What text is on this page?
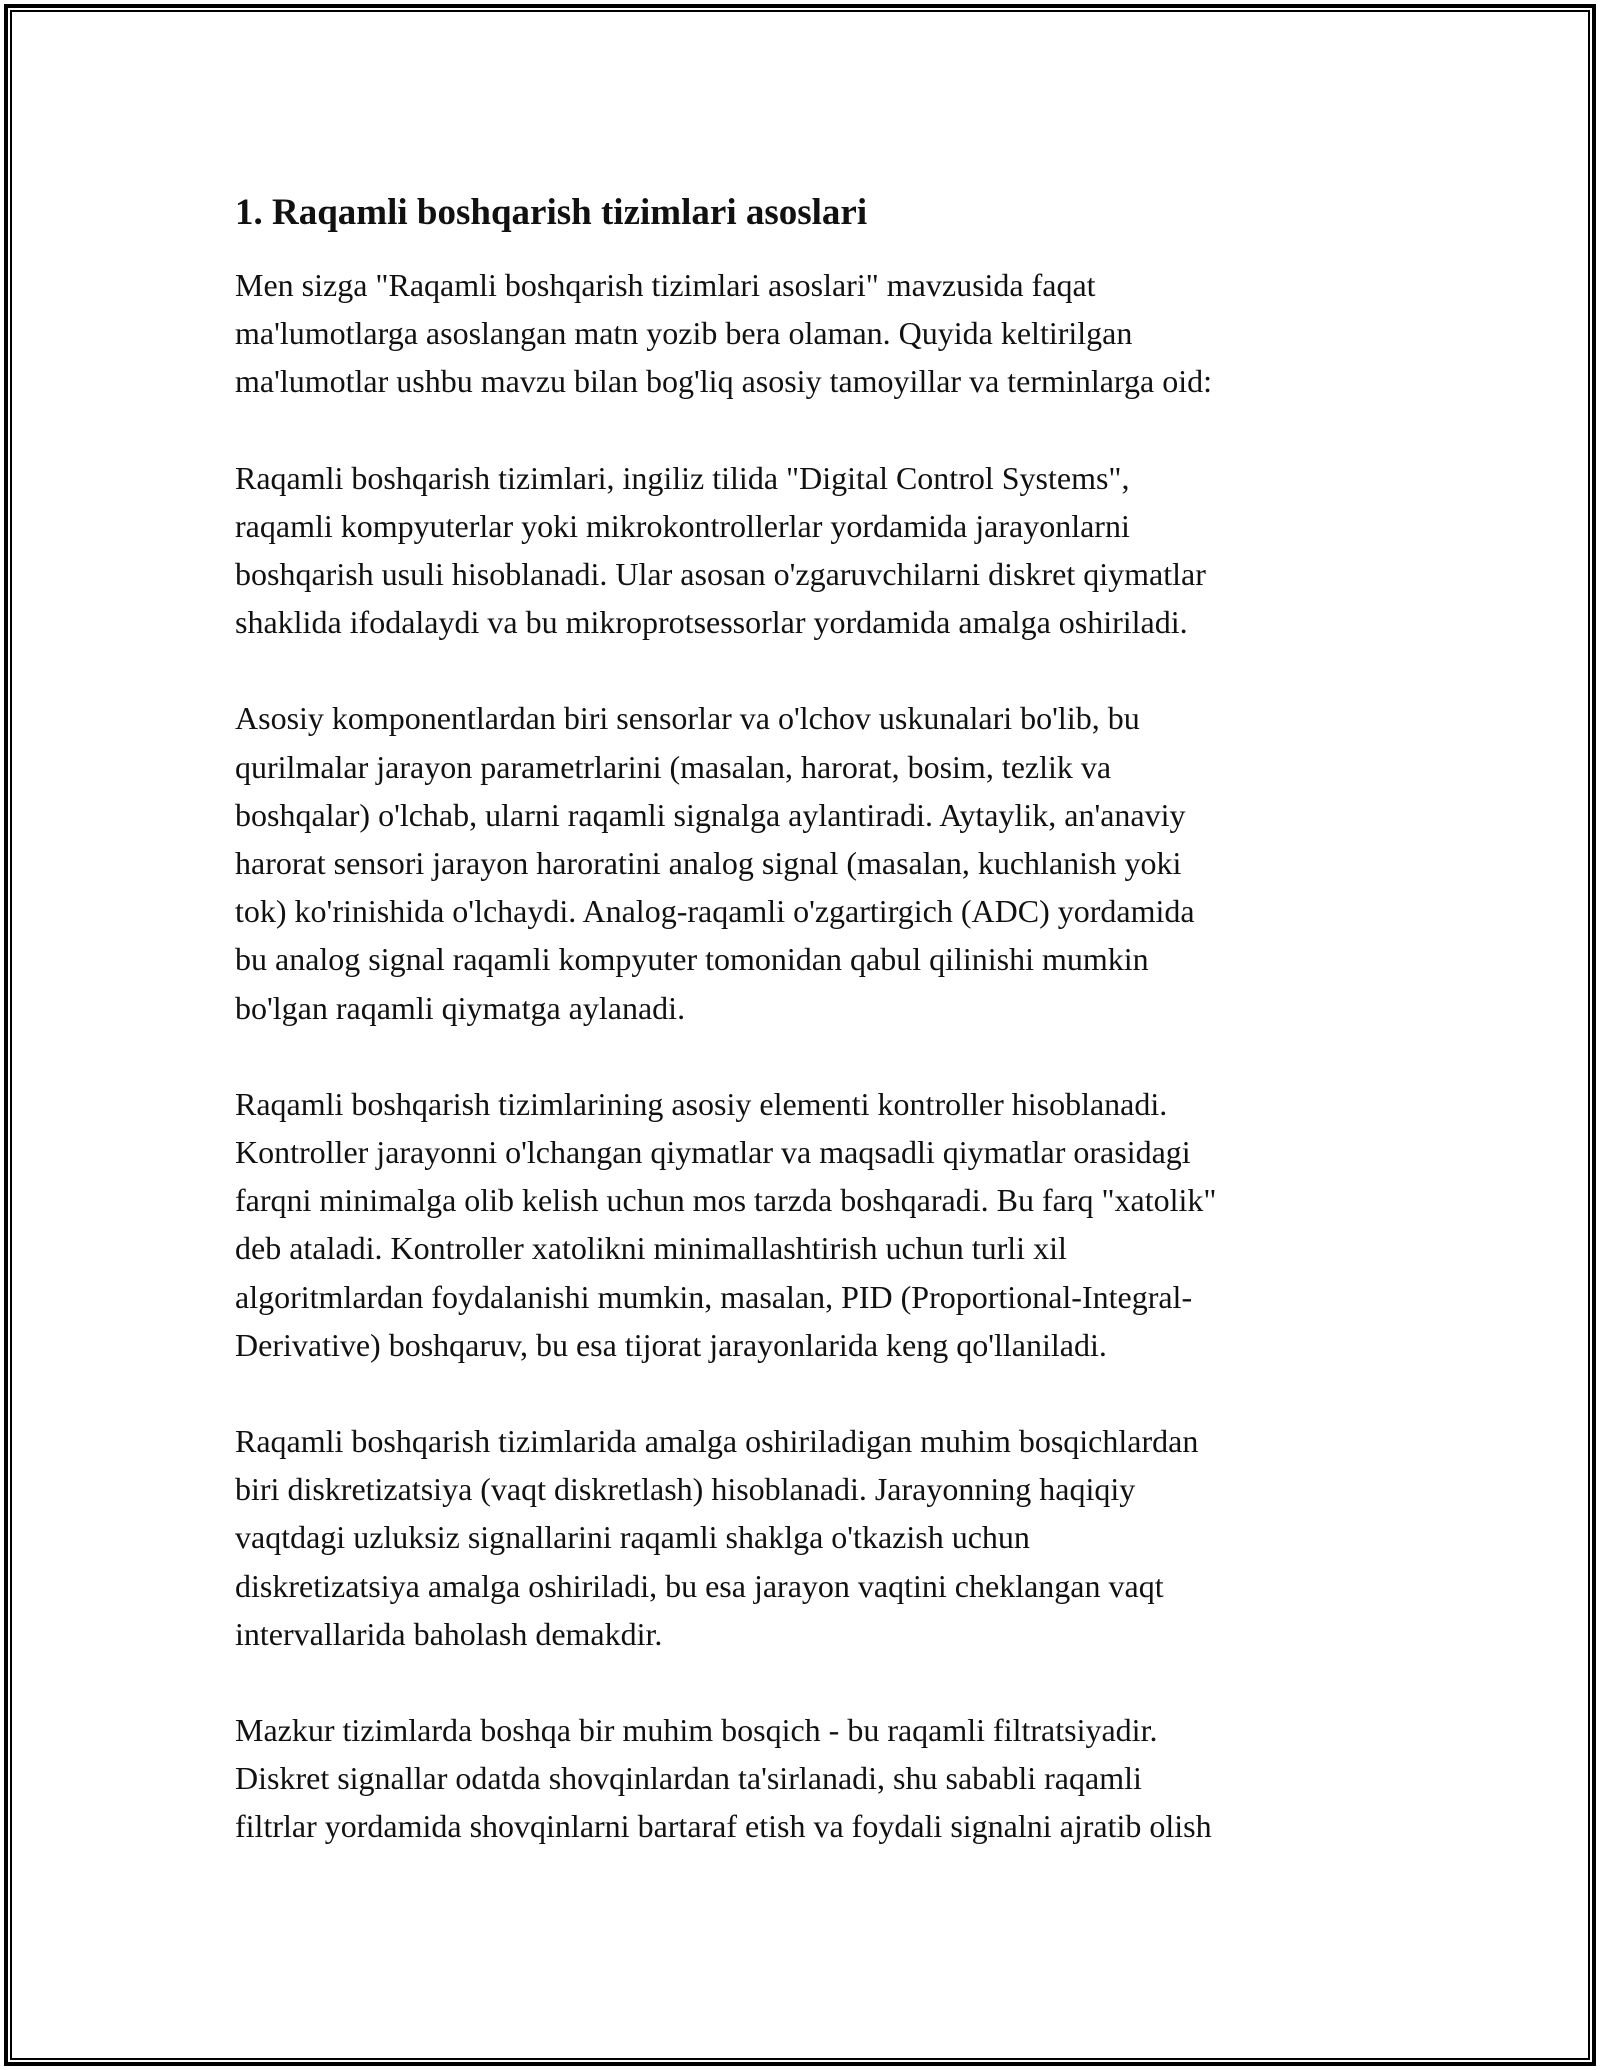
1. Raqamli boshqarish tizimlari asoslari

Men sizga "Raqamli boshqarish tizimlari asoslari" mavzusida faqat
ma'lumotlarga asoslangan matn yozib bera olaman. Quyida keltirilgan
ma'lumotlar ushbu mavzu bilan bog'liq asosiy tamoyillar va terminlarga oid:

Raqamli boshqarish tizimlari, ingiliz tilida "Digital Control Systems",
raqamli kompyuterlar yoki mikrokontrollerlar yordamida jarayonlarni
boshqarish usuli hisoblanadi. Ular asosan o'zgaruvchilarni diskret qiymatlar
shaklida ifodalaydi va bu mikroprotsessorlar yordamida amalga oshiriladi.

Asosiy komponentlardan biri sensorlar va o'lchov uskunalari bo'lib, bu
qurilmalar jarayon parametrlarini (masalan, harorat, bosim, tezlik va
boshqalar) o'lchab, ularni raqamli signalga aylantiradi. Aytaylik, an'anaviy
harorat sensori jarayon haroratini analog signal (masalan, kuchlanish yoki
tok) ko'rinishida o'lchaydi. Analog-raqamli o'zgartirgich (ADC) yordamida
bu analog signal raqamli kompyuter tomonidan qabul qilinishi mumkin
bo'lgan raqamli qiymatga aylanadi.

Raqamli boshqarish tizimlarining asosiy elementi kontroller hisoblanadi.
Kontroller jarayonni o'lchangan qiymatlar va maqsadli qiymatlar orasidagi
farqni minimalga olib kelish uchun mos tarzda boshqaradi. Bu farq "xatolik"
deb ataladi. Kontroller xatolikni minimallashtirish uchun turli xil
algoritmlardan foydalanishi mumkin, masalan, PID (Proportional-Integral-
Derivative) boshqaruv, bu esa tijorat jarayonlarida keng qo'llaniladi.

Raqamli boshqarish tizimlarida amalga oshiriladigan muhim bosqichlardan
biri diskretizatsiya (vaqt diskretlash) hisoblanadi. Jarayonning haqiqiy
vaqtdagi uzluksiz signallarini raqamli shaklga o'tkazish uchun
diskretizatsiya amalga oshiriladi, bu esa jarayon vaqtini cheklangan vaqt
intervallarida baholash demakdir.

Mazkur tizimlarda boshqa bir muhim bosqich - bu raqamli filtratsiyadir.
Diskret signallar odatda shovqinlardan ta'sirlanadi, shu sababli raqamli
filtrlar yordamida shovqinlarni bartaraf etish va foydali signalni ajratib olish
